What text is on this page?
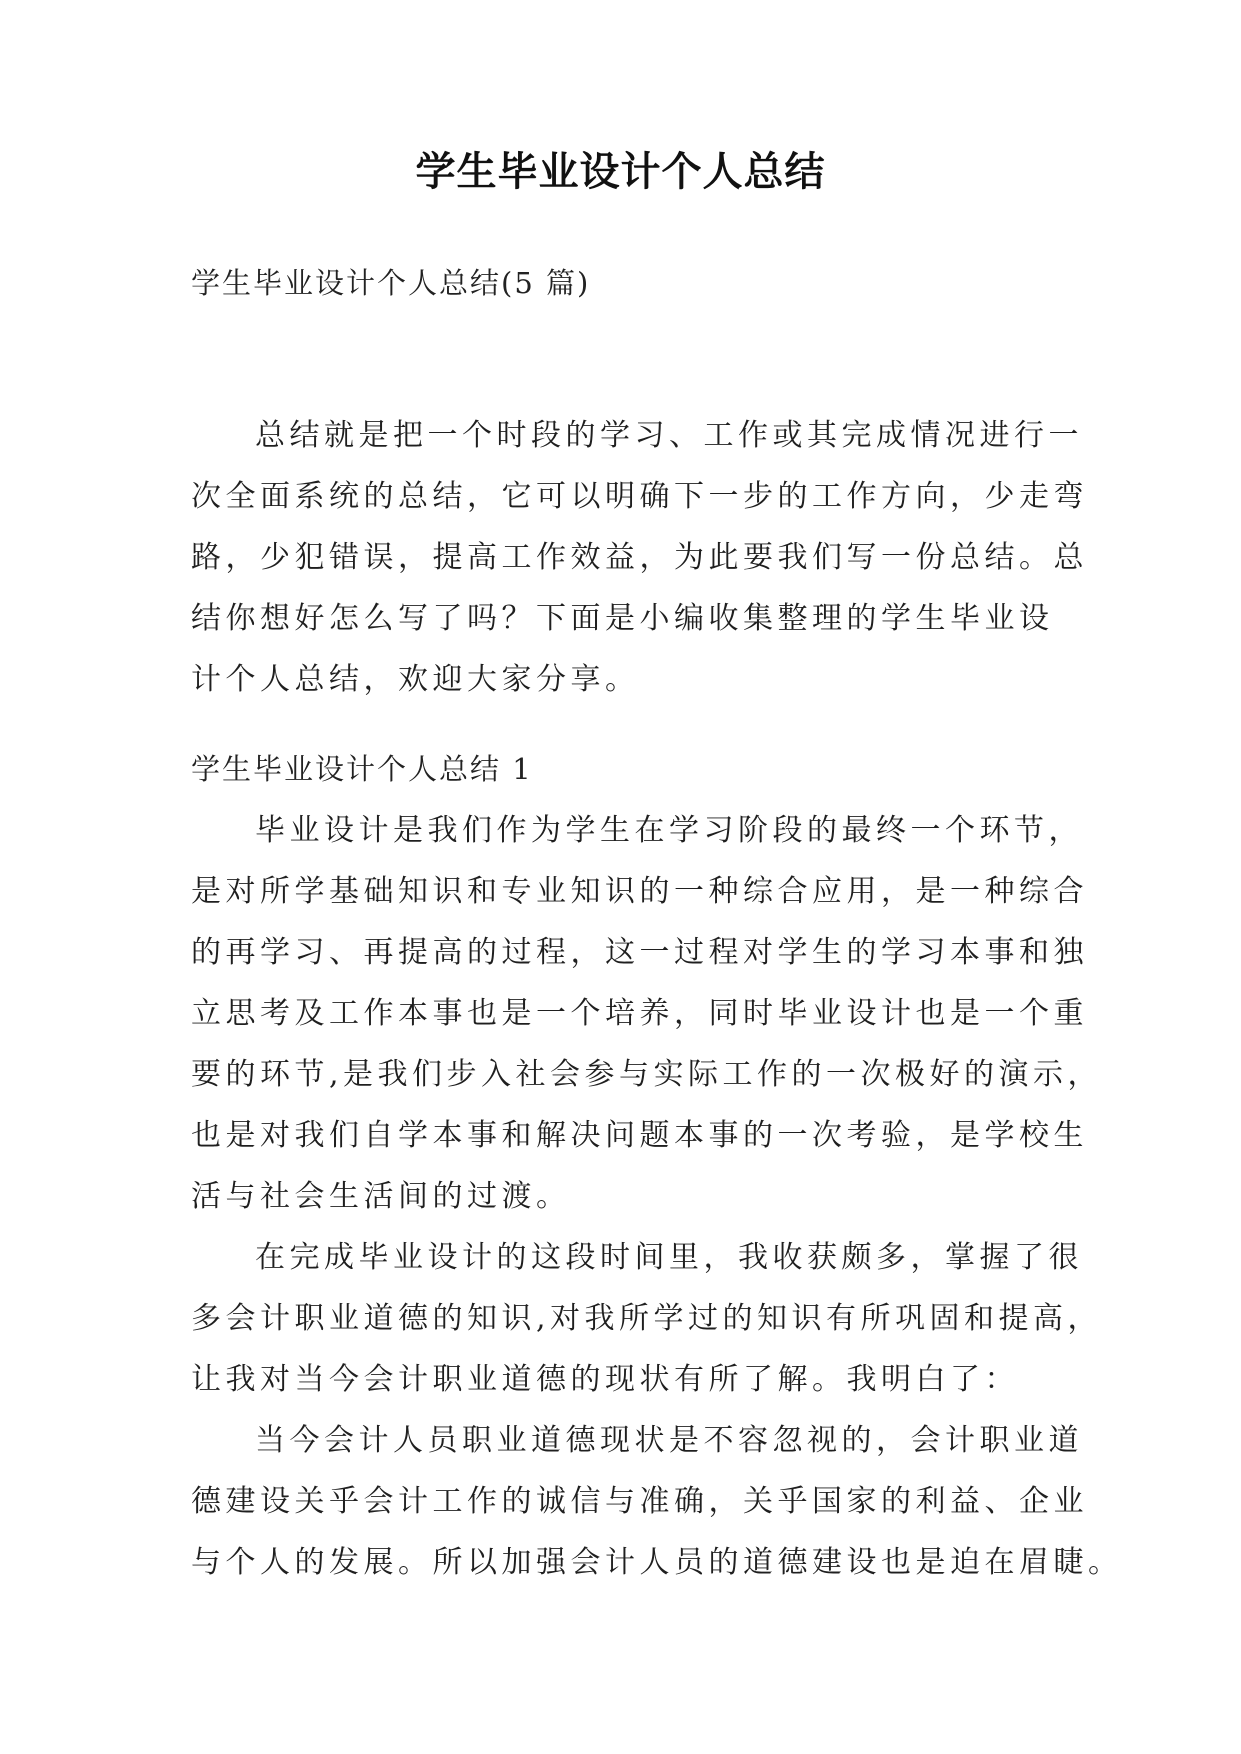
学生毕业设计个人总结
学生毕业设计个人总结(5 篇)
总结就是把一个时段的学习、工作或其完成情况进行一
次全面系统的总结，它可以明确下一步的工作方向，少走弯
路，少犯错误，提高工作效益，为此要我们写一份总结。总
结你想好怎么写了吗？下面是小编收集整理的学生毕业设
计个人总结，欢迎大家分享。
学生毕业设计个人总结 1
毕业设计是我们作为学生在学习阶段的最终一个环节，
是对所学基础知识和专业知识的一种综合应用，是一种综合
的再学习、再提高的过程，这一过程对学生的学习本事和独
立思考及工作本事也是一个培养，同时毕业设计也是一个重
要的环节,是我们步入社会参与实际工作的一次极好的演示，
也是对我们自学本事和解决问题本事的一次考验，是学校生
活与社会生活间的过渡。
在完成毕业设计的这段时间里，我收获颇多，掌握了很
多会计职业道德的知识,对我所学过的知识有所巩固和提高，
让我对当今会计职业道德的现状有所了解。我明白了：
当今会计人员职业道德现状是不容忽视的，会计职业道
德建设关乎会计工作的诚信与准确，关乎国家的利益、企业
与个人的发展。所以加强会计人员的道德建设也是迫在眉睫。
